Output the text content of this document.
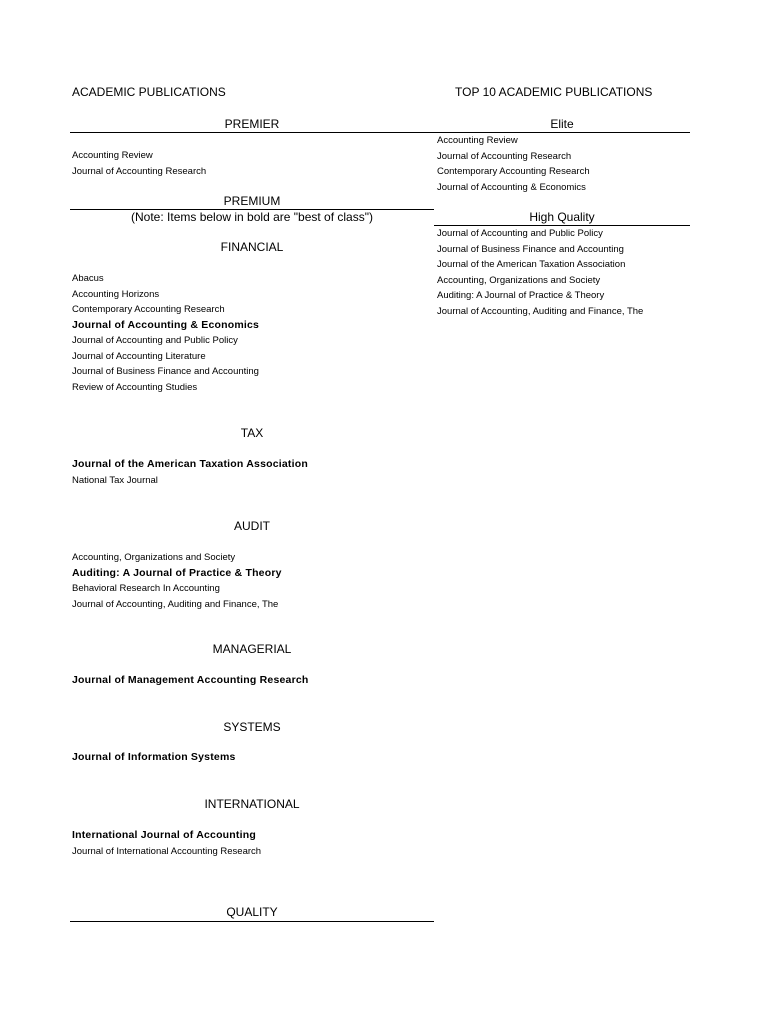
ACADEMIC PUBLICATIONS	TOP 10 ACADEMIC PUBLICATIONS
PREMIER
Accounting Review
Journal of Accounting Research
PREMIUM
(Note: Items below in bold are "best of class")
FINANCIAL
Abacus
Accounting Horizons
Contemporary Accounting Research
Journal of Accounting & Economics
Journal of Accounting and Public Policy
Journal of Accounting Literature
Journal of Business Finance and Accounting
Review of Accounting Studies
TAX
Journal of the American Taxation Association
National Tax Journal
AUDIT
Accounting, Organizations and Society
Auditing: A Journal of Practice & Theory
Behavioral Research In Accounting
Journal of Accounting, Auditing and Finance, The
MANAGERIAL
Journal of Management Accounting Research
SYSTEMS
Journal of Information Systems
INTERNATIONAL
International Journal of Accounting
Journal of International Accounting Research
QUALITY
Elite
Accounting Review
Journal of Accounting Research
Contemporary Accounting Research
Journal of Accounting & Economics
High Quality
Journal of Accounting and Public Policy
Journal of Business Finance and Accounting
Journal of the American Taxation Association
Accounting, Organizations and Society
Auditing: A Journal of Practice & Theory
Journal of Accounting, Auditing and Finance, The
